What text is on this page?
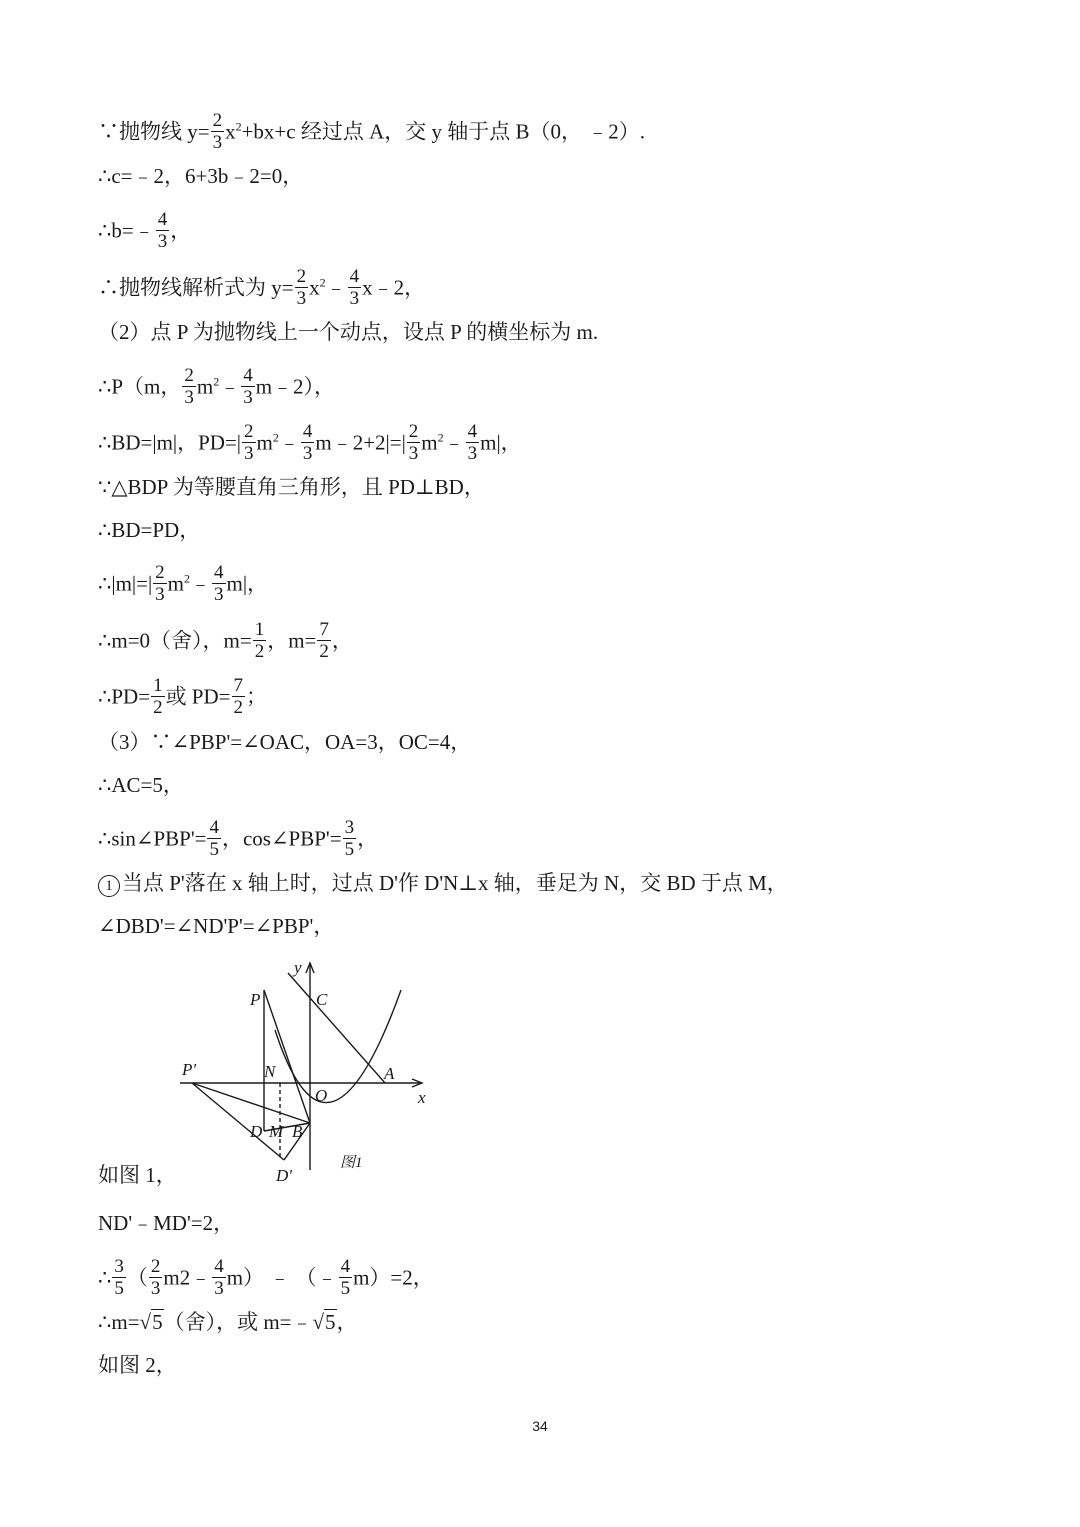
∵抛物线 $y= \frac{2}{3} x^2+bx+c$ 经过点 A，交 y 轴于点 B（0， ﹣2）.
∴c=﹣2，6+3b﹣2=0，
∴b=﹣ $\frac{4}{3}$ ，
∴抛物线解析式为 $y= \frac{2}{3}$ $x^2﹣ \frac{4}{3}$ x﹣2，
（2）点 P 为抛物线上一个动点，设点 P 的横坐标为 m.
∴P（m， $\frac{2}{3}$ $m^2﹣ \frac{4}{3}$ m﹣2），
∴BD=|m|，$PD=| \frac{2}{3}$ $m^2﹣ \frac{4}{3}$ m﹣2+2|=| $\frac{2}{3}$ $m^2﹣ \frac{4}{3} m|$，
∵△BDP 为等腰直角三角形，且 PD⊥BD，
∴BD=PD，
∴|m|=| $\frac{2}{3}$ $m^2﹣ \frac{4}{3} m|$，
∴m=0（舍），$m= \frac{1}{2}$ ，$m= \frac{7}{2}$ ，
∴PD= $\frac{1}{2}$ 或 $PD= \frac{7}{2}$ ；
（3）∵∠PBP'=∠OAC，OA=3，OC=4，
∴AC=5，
∴sin∠PBP'= $\frac{4}{5}$ ，cos∠PBP'= $\frac{3}{5}$ ，
1 当点 P'落在 x 轴上时，过点 D'作 D'N⊥x 轴，垂足为 N，交 BD 于点 M，
∠DBD'=∠ND'P'=∠PBP'，
y
x
C
P
P'	N	A
O
D M B
D'
图1
如图 1，
ND'﹣MD'=2，
∴ $\frac{3}{5}$ （ $\frac{2}{3}$ m2﹣ $\frac{4}{3} m$） ﹣ （﹣ $\frac{4}{5} m)=2$，
∴m=√5（舍），或 m=﹣√5，
如图 2，
34
